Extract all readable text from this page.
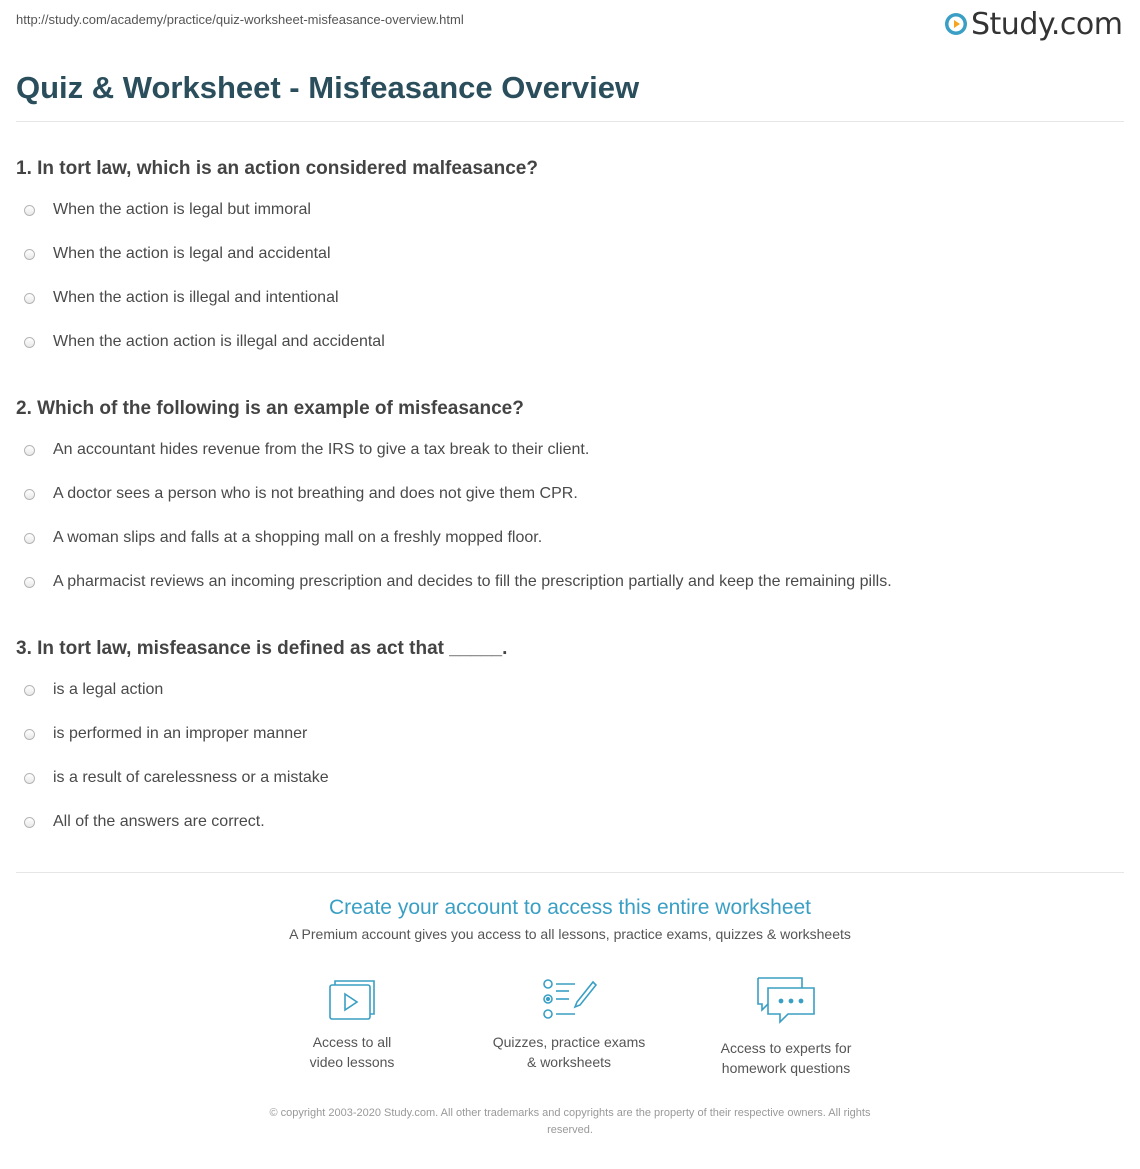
http://study.com/academy/practice/quiz-worksheet-misfeasance-overview.html	Study.com
Quiz & Worksheet - Misfeasance Overview
1. In tort law, which is an action considered malfeasance?
When the action is legal but immoral
When the action is legal and accidental
When the action is illegal and intentional
When the action action is illegal and accidental
2. Which of the following is an example of misfeasance?
An accountant hides revenue from the IRS to give a tax break to their client.
A doctor sees a person who is not breathing and does not give them CPR.
A woman slips and falls at a shopping mall on a freshly mopped floor.
A pharmacist reviews an incoming prescription and decides to fill the prescription partially and keep the remaining pills.
3. In tort law, misfeasance is defined as act that _____.
is a legal action
is performed in an improper manner
is a result of carelessness or a mistake
All of the answers are correct.
Create your account to access this entire worksheet
A Premium account gives you access to all lessons, practice exams, quizzes & worksheets
Access to all
video lessons
Quizzes, practice exams
& worksheets
Access to experts for
homework questions
© copyright 2003-2020 Study.com. All other trademarks and copyrights are the property of their respective owners. All rights
reserved.
